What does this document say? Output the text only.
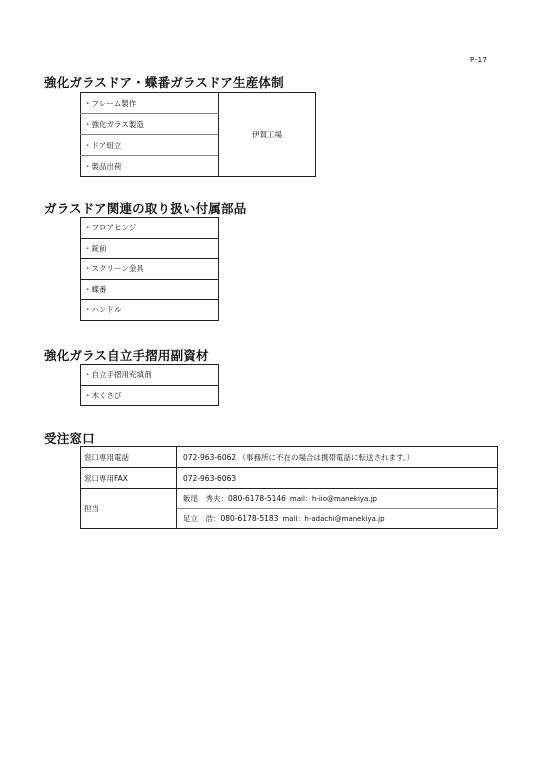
P-17
強化ガラスドア・蝶番ガラスドア生産体制
・フレーム製作	伊賀工場
・強化ガラス製造
・ドア組立
・製品出荷
ガラスドア関連の取り扱い付属部品
・フロアヒンジ
・錠前
・スクリーン金具
・蝶番
・ハンドル
強化ガラス自立手摺用副資材
・自立手摺用充填剤
・木くさび
受注窓口
窓口専用電話	072-963-6062 （事務所に不在の場合は携帯電話に転送されます。）
窓口専用FAX	072-963-6063
担当	飯尾　秀夫：080-6178-5146 mail：h-iio@manekiya.jp
	足立　浩：080-6178-5183 mail：h-adachi@manekiya.jp
